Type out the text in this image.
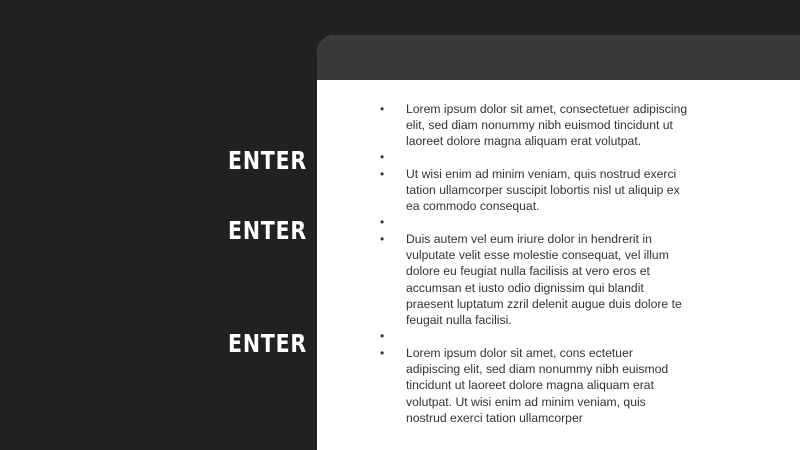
ENTER
ENTER
ENTER
• Lorem ipsum dolor sit amet, consectetuer adipiscing
elit, sed diam nonummy nibh euismod tincidunt ut
laoreet dolore magna aliquam erat volutpat.
•
• Ut wisi enim ad minim veniam, quis nostrud exerci
tation ullamcorper suscipit lobortis nisl ut aliquip ex
ea commodo consequat.
•
• Duis autem vel eum iriure dolor in hendrerit in
vulputate velit esse molestie consequat, vel illum
dolore eu feugiat nulla facilisis at vero eros et
accumsan et iusto odio dignissim qui blandit
praesent luptatum zzril delenit augue duis dolore te
feugait nulla facilisi.
•
• Lorem ipsum dolor sit amet, cons ectetuer
adipiscing elit, sed diam nonummy nibh euismod
tincidunt ut laoreet dolore magna aliquam erat
volutpat. Ut wisi enim ad minim veniam, quis
nostrud exerci tation ullamcorper
